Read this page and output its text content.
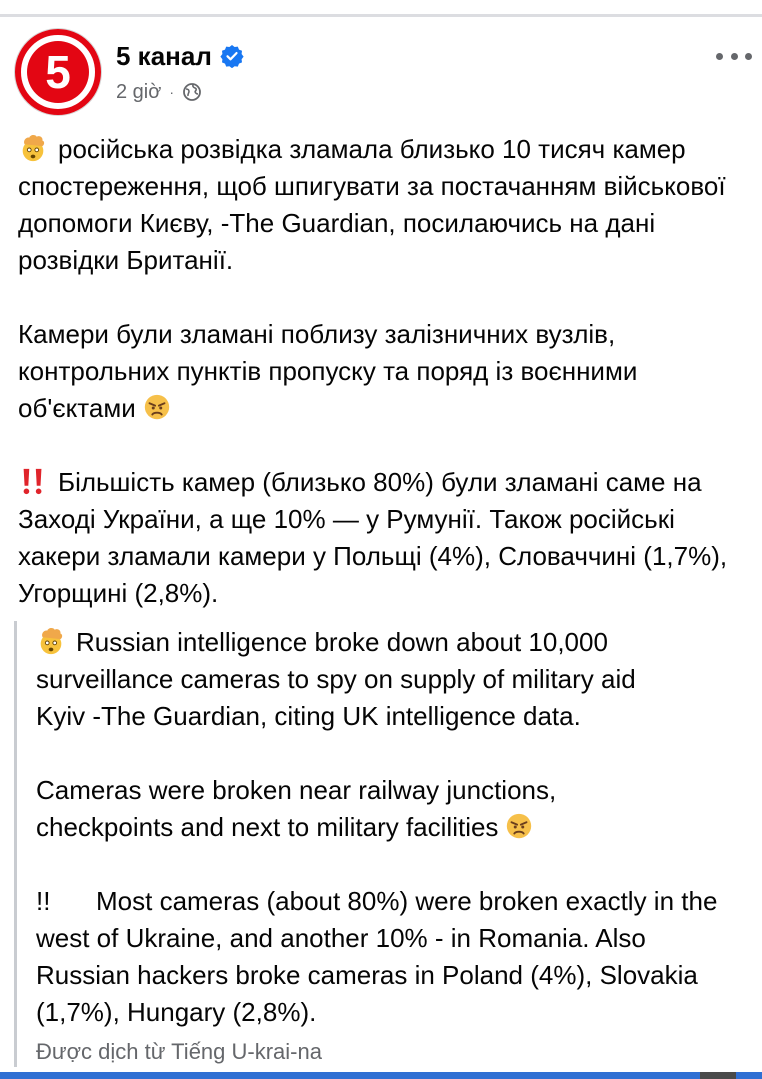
5 5 канал
2 giờ ·

російська розвідка зламала близько 10 тисяч камер спостереження, щоб шпигувати за постачанням військової допомоги Києву, -The Guardian, посилаючись на дані розвідки Британії.

Камери були зламані поблизу залізничних вузлів, контрольних пунктів пропуску та поряд із воєнними об'єктами

Більшість камер (близько 80%) були зламані саме на Заході України, а ще 10% — у Румунії. Також російські хакери зламали камери у Польщі (4%), Словаччині (1,7%), Угорщині (2,8%).

Russian intelligence broke down about 10,000

surveillance cameras to spy on supply of military aid

Kyiv -The Guardian, citing UK intelligence data.

Cameras were broken near railway junctions,

checkpoints and next to military facilities

!! Most cameras (about 80%) were broken exactly in the

west of Ukraine, and another 10% - in Romania. Also

Russian hackers broke cameras in Poland (4%), Slovakia

(1,7%), Hungary (2,8%).

Được dịch từ Tiếng U-krai-na
